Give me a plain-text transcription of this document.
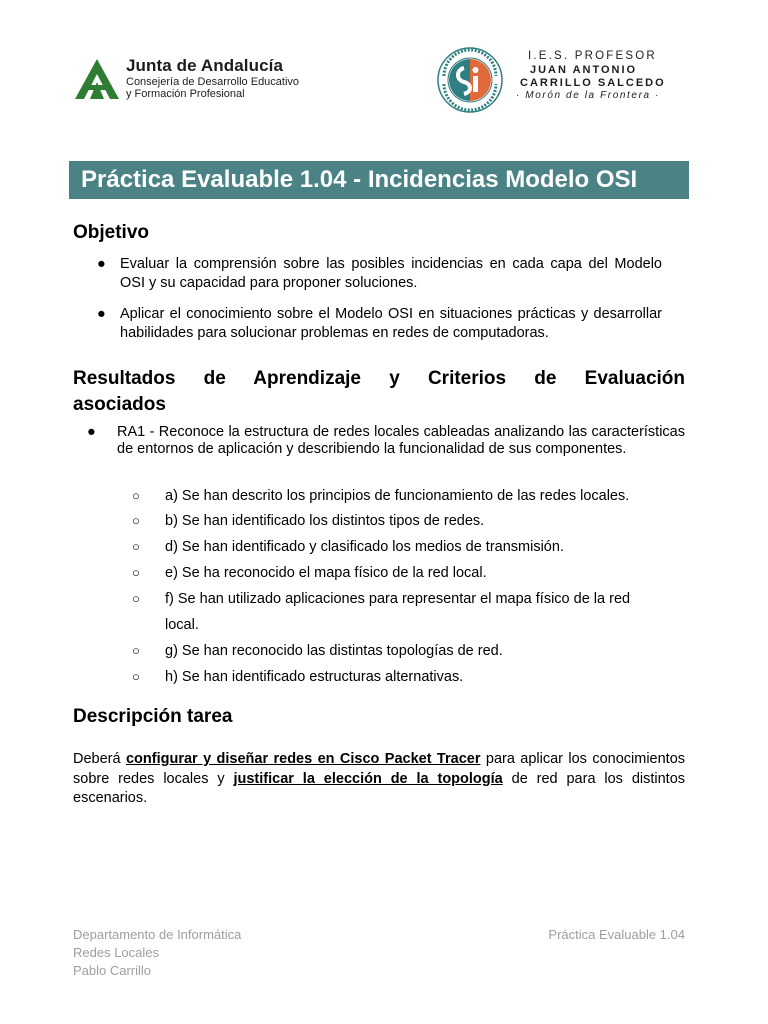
Junta de Andalucía
Consejería de Desarrollo Educativo
y Formación Profesional
I.E.S. PROFESOR
JUAN ANTONIO
CARRILLO SALCEDO
· Morón de la Frontera ·
Práctica Evaluable 1.04 - Incidencias Modelo OSI
Objetivo
● Evaluar la comprensión sobre las posibles incidencias en cada capa del Modelo OSI y su capacidad para proponer soluciones.
● Aplicar el conocimiento sobre el Modelo OSI en situaciones prácticas y desarrollar habilidades para solucionar problemas en redes de computadoras.
Resultados de Aprendizaje y Criterios de Evaluación
asociados
● RA1 - Reconoce la estructura de redes locales cableadas analizando las características de entornos de aplicación y describiendo la funcionalidad de sus componentes.
○ a) Se han descrito los principios de funcionamiento de las redes locales.
○ b) Se han identificado los distintos tipos de redes.
○ d) Se han identificado y clasificado los medios de transmisión.
○ e) Se ha reconocido el mapa físico de la red local.
○ f) Se han utilizado aplicaciones para representar el mapa físico de la red
local.
○ g) Se han reconocido las distintas topologías de red.
○ h) Se han identificado estructuras alternativas.
Descripción tarea

Deberá configurar y diseñar redes en Cisco Packet Tracer para aplicar los conocimientos sobre redes locales y justificar la elección de la topología de red para los distintos escenarios.

Departamento de Informática
Redes Locales
Pablo Carrillo
Práctica Evaluable 1.04
